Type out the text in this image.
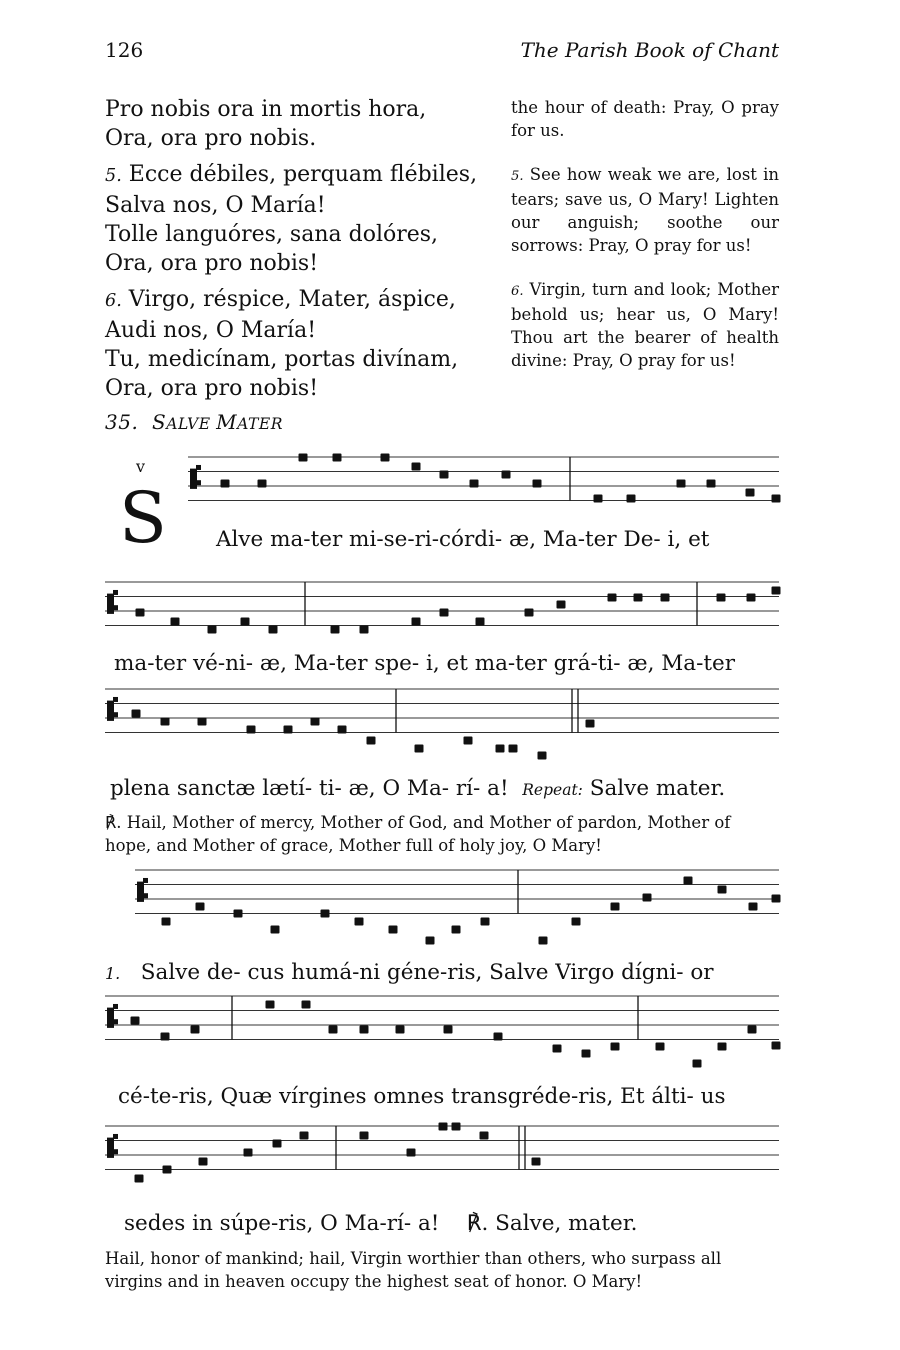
126	The Parish Book of Chant
Pro nobis ora in mortis hora,
Ora, ora pro nobis.
5. Ecce débiles, perquam flébiles,
Salva nos, O María!
Tolle languóres, sana dolóres,
Ora, ora pro nobis!
6. Virgo, réspice, Mater, áspice,
Audi nos, O María!
Tu, medicínam, portas divínam,
Ora, ora pro nobis!
the hour of death: Pray, O pray for us.
5. See how weak we are, lost in tears; save us, O Mary! Lighten our anguish; soothe our sorrows: Pray, O pray for us!
6. Virgin, turn and look; Mother behold us; hear us, O Mary! Thou art the bearer of health divine: Pray, O pray for us!
35. SALVE MATER
v
S Alve ma-ter mi-se-ri-córdi- æ, Ma-ter De- i, et
ma-ter vé-ni- æ, Ma-ter spe- i, et ma-ter grá-ti- æ, Ma-ter
plena sanctæ lætí- ti- æ, O Ma- rí- a! Repeat: Salve mater.
℟. Hail, Mother of mercy, Mother of God, and Mother of pardon, Mother of hope, and Mother of grace, Mother full of holy joy, O Mary!
1. Salve de- cus humá-ni géne-ris, Salve Virgo dígni- or
cé-te-ris, Quæ vírgines omnes transgréde-ris, Et álti- us
sedes in súpe-ris, O Ma-rí- a! ℟. Salve, mater.
Hail, honor of mankind; hail, Virgin worthier than others, who surpass all virgins and in heaven occupy the highest seat of honor. O Mary!
